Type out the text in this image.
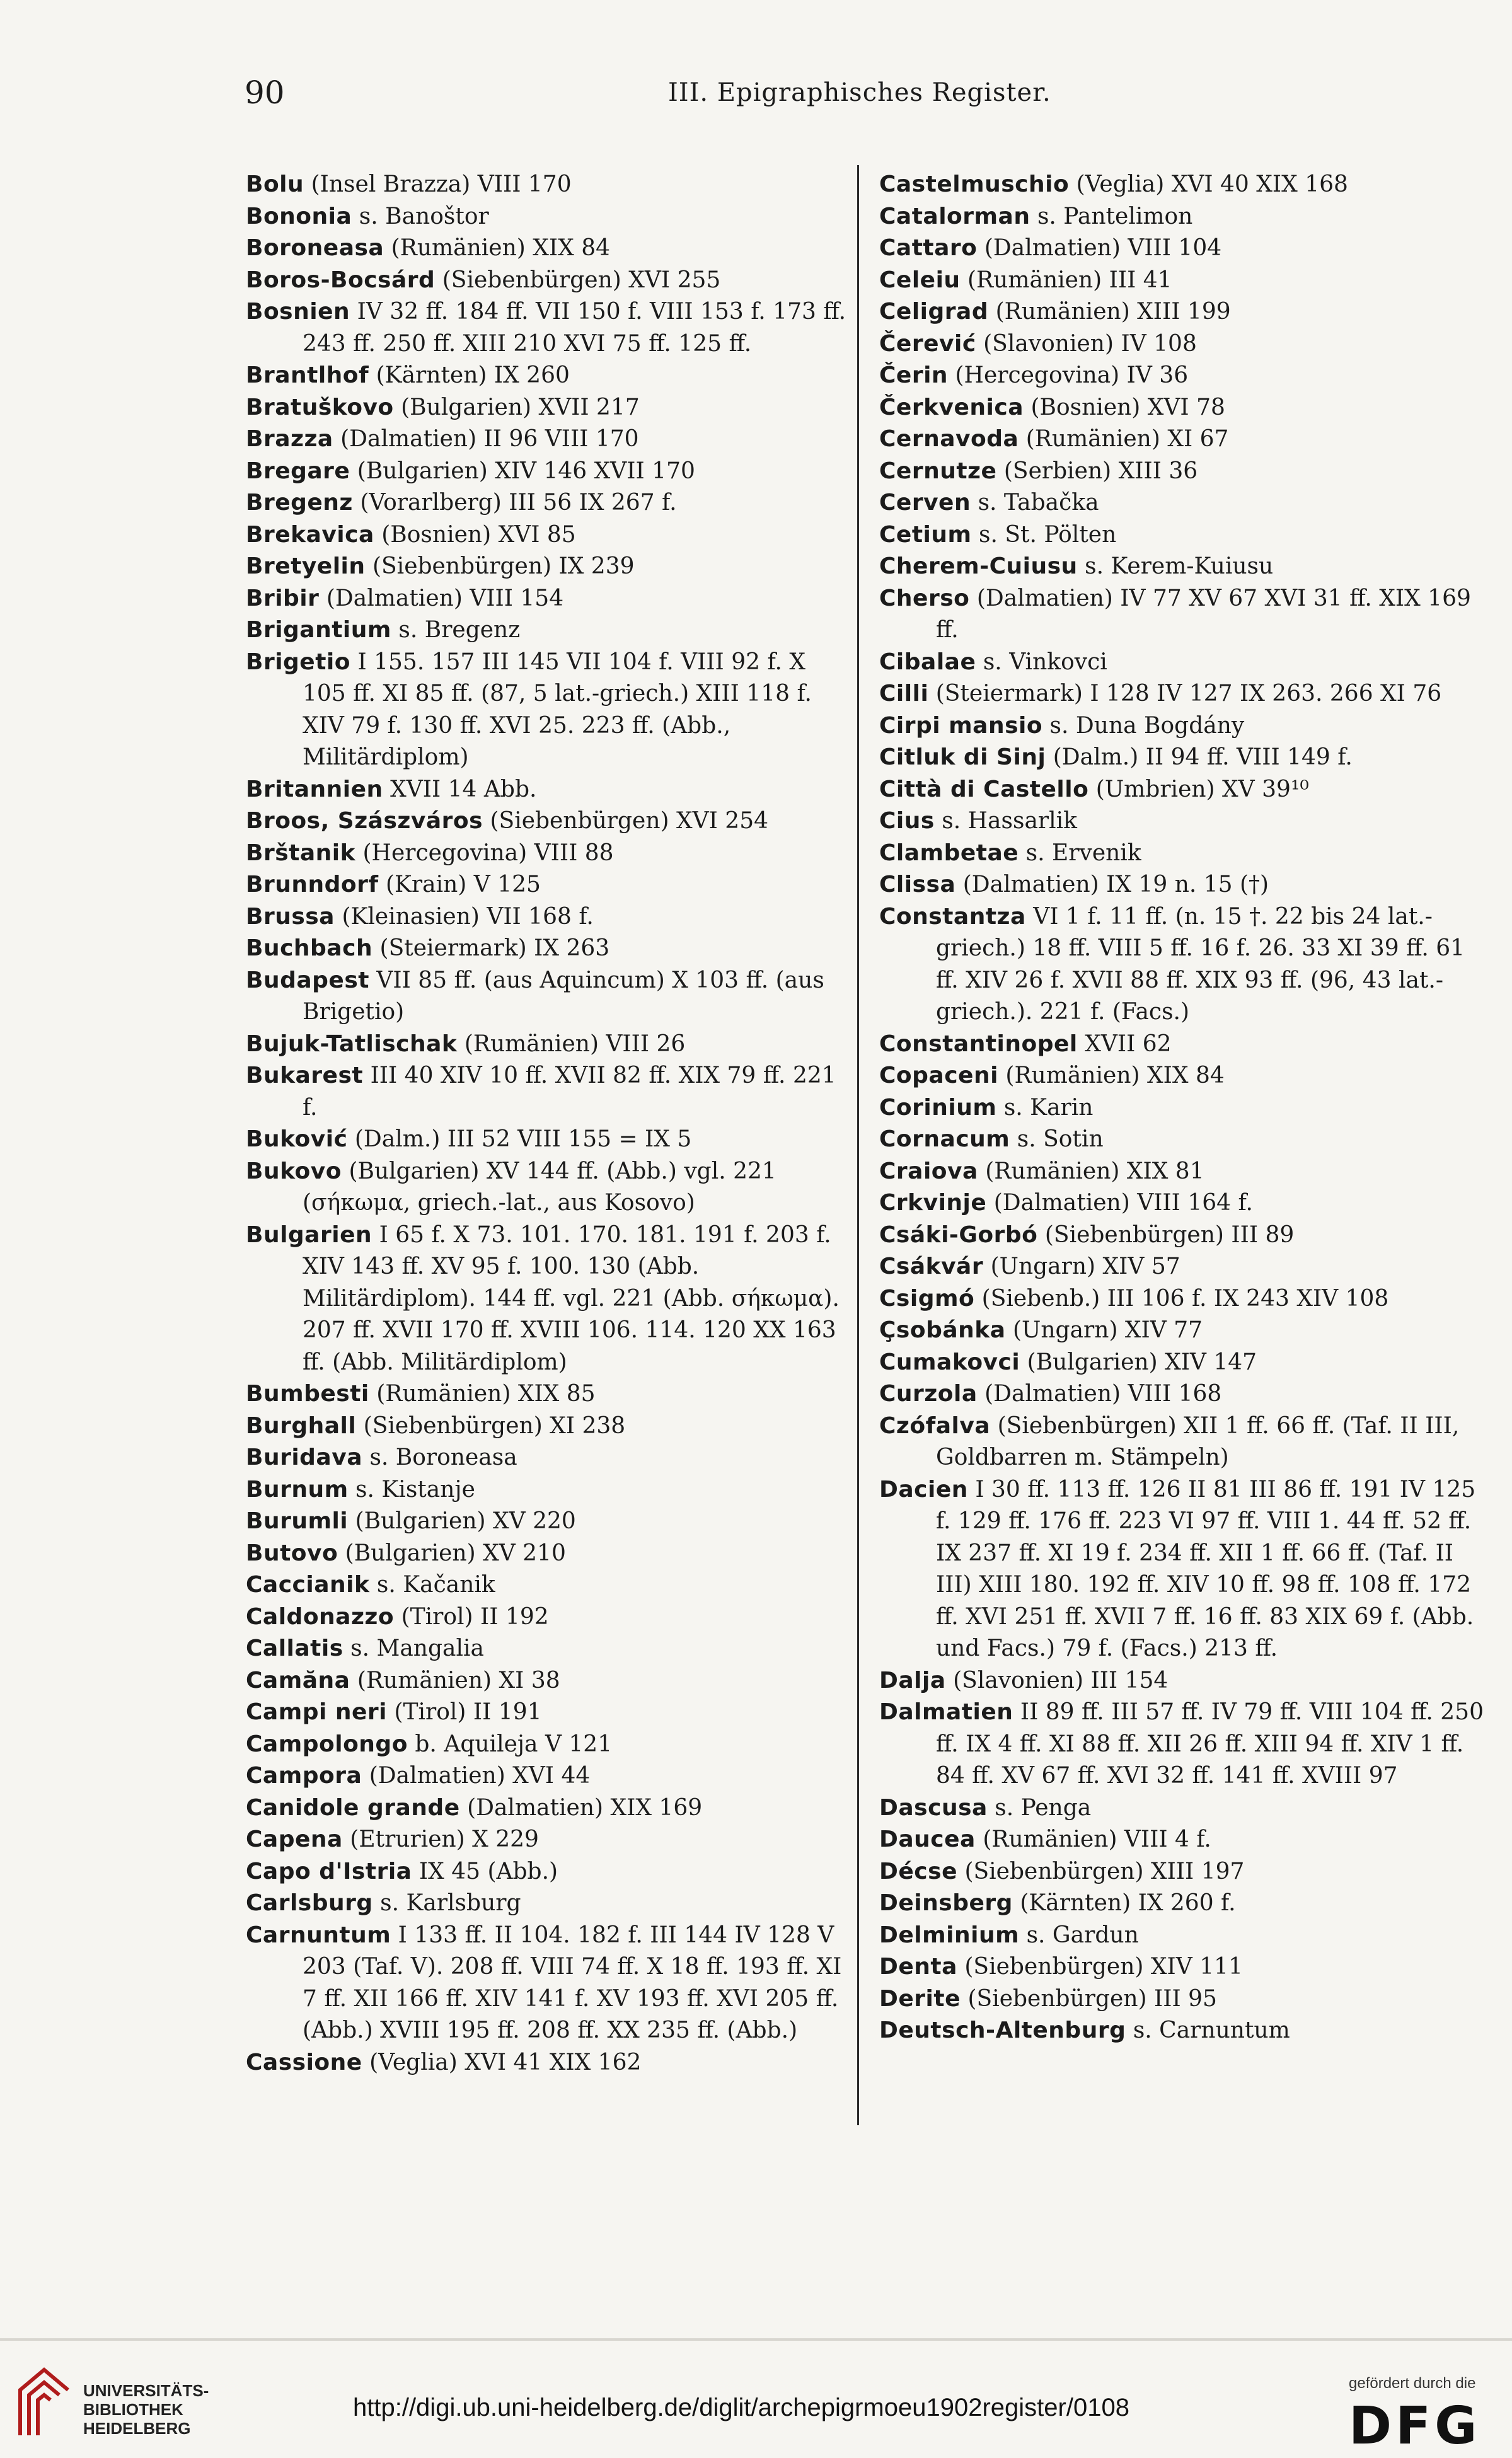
90	III. Epigraphisches Register.
Bolu (Insel Brazza) VIII 170
Bononia s. Banoštor
Boroneasa (Rumänien) XIX 84
Boros-Bocsárd (Siebenbürgen) XVI 255
Bosnien IV 32 ff. 184 ff. VII 150 f. VIII 153 f. 173 ff. 243 ff. 250 ff. XIII 210 XVI 75 ff. 125 ff.
Brantlhof (Kärnten) IX 260
Bratuškovo (Bulgarien) XVII 217
Brazza (Dalmatien) II 96 VIII 170
Bregare (Bulgarien) XIV 146 XVII 170
Bregenz (Vorarlberg) III 56 IX 267 f.
Brekavica (Bosnien) XVI 85
Bretyelin (Siebenbürgen) IX 239
Bribir (Dalmatien) VIII 154
Brigantium s. Bregenz
Brigetio I 155. 157 III 145 VII 104 f. VIII 92 f. X 105 ff. XI 85 ff. (87, 5 lat.-griech.) XIII 118 f. XIV 79 f. 130 ff. XVI 25. 223 ff. (Abb., Militärdiplom)
Britannien XVII 14 Abb.
Broos, Szászváros (Siebenbürgen) XVI 254
Brštanik (Hercegovina) VIII 88
Brunndorf (Krain) V 125
Brussa (Kleinasien) VII 168 f.
Buchbach (Steiermark) IX 263
Budapest VII 85 ff. (aus Aquincum) X 103 ff. (aus Brigetio)
Bujuk-Tatlischak (Rumänien) VIII 26
Bukarest III 40 XIV 10 ff. XVII 82 ff. XIX 79 ff. 221 f.
Buković (Dalm.) III 52 VIII 155 = IX 5
Bukovo (Bulgarien) XV 144 ff. (Abb.) vgl. 221 (σήκωμα, griech.-lat., aus Kosovo)
Bulgarien I 65 f. X 73. 101. 170. 181. 191 f. 203 f. XIV 143 ff. XV 95 f. 100. 130 (Abb. Militärdiplom). 144 ff. vgl. 221 (Abb. σήκωμα). 207 ff. XVII 170 ff. XVIII 106. 114. 120 XX 163 ff. (Abb. Militärdiplom)
Bumbesti (Rumänien) XIX 85
Burghall (Siebenbürgen) XI 238
Buridava s. Boroneasa
Burnum s. Kistanje
Burumli (Bulgarien) XV 220
Butovo (Bulgarien) XV 210
Caccianik s. Kačanik
Caldonazzo (Tirol) II 192
Callatis s. Mangalia
Camăna (Rumänien) XI 38
Campi neri (Tirol) II 191
Campolongo b. Aquileja V 121
Campora (Dalmatien) XVI 44
Canidole grande (Dalmatien) XIX 169
Capena (Etrurien) X 229
Capo d'Istria IX 45 (Abb.)
Carlsburg s. Karlsburg
Carnuntum I 133 ff. II 104. 182 f. III 144 IV 128 V 203 (Taf. V). 208 ff. VIII 74 ff. X 18 ff. 193 ff. XI 7 ff. XII 166 ff. XIV 141 f. XV 193 ff. XVI 205 ff. (Abb.) XVIII 195 ff. 208 ff. XX 235 ff. (Abb.)
Cassione (Veglia) XVI 41 XIX 162
Castelmuschio (Veglia) XVI 40 XIX 168
Catalorman s. Pantelimon
Cattaro (Dalmatien) VIII 104
Celeiu (Rumänien) III 41
Celigrad (Rumänien) XIII 199
Čerević (Slavonien) IV 108
Čerin (Hercegovina) IV 36
Čerkvenica (Bosnien) XVI 78
Cernavoda (Rumänien) XI 67
Cernutze (Serbien) XIII 36
Cerven s. Tabačka
Cetium s. St. Pölten
Cherem-Cuiusu s. Kerem-Kuiusu
Cherso (Dalmatien) IV 77 XV 67 XVI 31 ff. XIX 169 ff.
Cibalae s. Vinkovci
Cilli (Steiermark) I 128 IV 127 IX 263. 266 XI 76
Cirpi mansio s. Duna Bogdány
Citluk di Sinj (Dalm.) II 94 ff. VIII 149 f.
Città di Castello (Umbrien) XV 39¹⁰
Cius s. Hassarlik
Clambetae s. Ervenik
Clissa (Dalmatien) IX 19 n. 15 (†)
Constantza VI 1 f. 11 ff. (n. 15 †. 22 bis 24 lat.-griech.) 18 ff. VIII 5 ff. 16 f. 26. 33 XI 39 ff. 61 ff. XIV 26 f. XVII 88 ff. XIX 93 ff. (96, 43 lat.-griech.). 221 f. (Facs.)
Constantinopel XVII 62
Copaceni (Rumänien) XIX 84
Corinium s. Karin
Cornacum s. Sotin
Craiova (Rumänien) XIX 81
Crkvinje (Dalmatien) VIII 164 f.
Csáki-Gorbó (Siebenbürgen) III 89
Csákvár (Ungarn) XIV 57
Csigmó (Siebenb.) III 106 f. IX 243 XIV 108
Çsobánka (Ungarn) XIV 77
Cumakovci (Bulgarien) XIV 147
Curzola (Dalmatien) VIII 168
Czófalva (Siebenbürgen) XII 1 ff. 66 ff. (Taf. II III, Goldbarren m. Stämpeln)
Dacien I 30 ff. 113 ff. 126 II 81 III 86 ff. 191 IV 125 f. 129 ff. 176 ff. 223 VI 97 ff. VIII 1. 44 ff. 52 ff. IX 237 ff. XI 19 f. 234 ff. XII 1 ff. 66 ff. (Taf. II III) XIII 180. 192 ff. XIV 10 ff. 98 ff. 108 ff. 172 ff. XVI 251 ff. XVII 7 ff. 16 ff. 83 XIX 69 f. (Abb. und Facs.) 79 f. (Facs.) 213 ff.
Dalja (Slavonien) III 154
Dalmatien II 89 ff. III 57 ff. IV 79 ff. VIII 104 ff. 250 ff. IX 4 ff. XI 88 ff. XII 26 ff. XIII 94 ff. XIV 1 ff. 84 ff. XV 67 ff. XVI 32 ff. 141 ff. XVIII 97
Dascusa s. Penga
Daucea (Rumänien) VIII 4 f.
Décse (Siebenbürgen) XIII 197
Deinsberg (Kärnten) IX 260 f.
Delminium s. Gardun
Denta (Siebenbürgen) XIV 111
Derite (Siebenbürgen) III 95
Deutsch-Altenburg s. Carnuntum
UNIVERSITÄTS-
BIBLIOTHEK
HEIDELBERG
http://digi.ub.uni-heidelberg.de/diglit/archepigrmoeu1902register/0108
gefördert durch die
DFG
